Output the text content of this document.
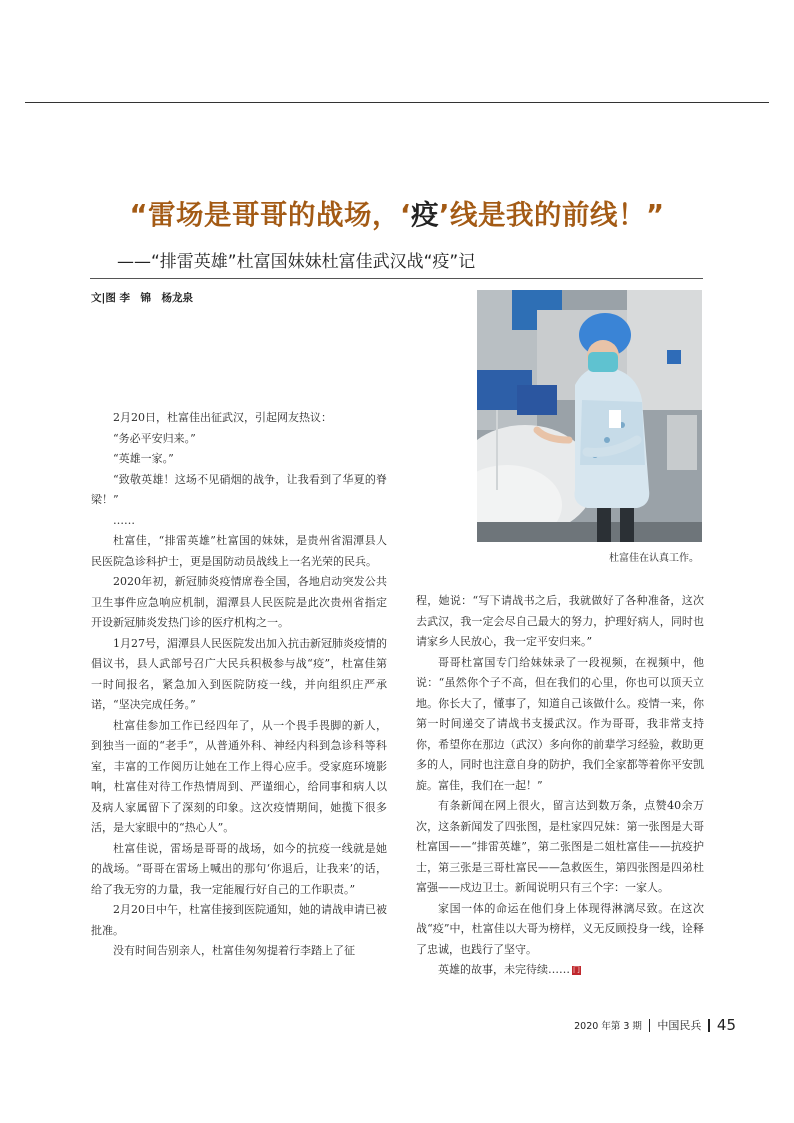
“雷场是哥哥的战场，‘疫’线是我的前线！”
——“排雷英雄”杜富国妹妹杜富佳武汉战“疫”记
文|图 李　锦　杨龙泉
杜富佳在认真工作。

2月20日，杜富佳出征武汉，引起网友热议：

“务必平安归来。”

“英雄一家。”

“致敬英雄！这场不见硝烟的战争，让我看到了华夏的脊梁！”

……

杜富佳，“排雷英雄”杜富国的妹妹，是贵州省湄潭县人民医院急诊科护士，更是国防动员战线上一名光荣的民兵。

2020年初，新冠肺炎疫情席卷全国，各地启动突发公共卫生事件应急响应机制，湄潭县人民医院是此次贵州省指定开设新冠肺炎发热门诊的医疗机构之一。

1月27号，湄潭县人民医院发出加入抗击新冠肺炎疫情的倡议书，县人武部号召广大民兵积极参与战“疫”，杜富佳第一时间报名，紧急加入到医院防疫一线，并向组织庄严承诺，“坚决完成任务。”

杜富佳参加工作已经四年了，从一个畏手畏脚的新人，到独当一面的“老手”，从普通外科、神经内科到急诊科等科室，丰富的工作阅历让她在工作上得心应手。受家庭环境影响，杜富佳对待工作热情周到、严谨细心，给同事和病人以及病人家属留下了深刻的印象。这次疫情期间，她揽下很多活，是大家眼中的“热心人”。

杜富佳说，雷场是哥哥的战场，如今的抗疫一线就是她的战场。“哥哥在雷场上喊出的那句‘你退后，让我来’的话，给了我无穷的力量，我一定能履行好自己的工作职责。”

2月20日中午，杜富佳接到医院通知，她的请战申请已被批准。

没有时间告别亲人，杜富佳匆匆提着行李踏上了征

程，她说：“写下请战书之后，我就做好了各种准备，这次去武汉，我一定会尽自己最大的努力，护理好病人，同时也请家乡人民放心，我一定平安归来。”

哥哥杜富国专门给妹妹录了一段视频，在视频中，他说：“虽然你个子不高，但在我们的心里，你也可以顶天立地。你长大了，懂事了，知道自己该做什么。疫情一来，你第一时间递交了请战书支援武汉。作为哥哥，我非常支持你，希望你在那边（武汉）多向你的前辈学习经验，救助更多的人，同时也注意自身的防护，我们全家都等着你平安凯旋。富佳，我们在一起！”

有条新闻在网上很火，留言达到数万条，点赞40余万次，这条新闻发了四张图，是杜家四兄妹：第一张图是大哥杜富国——“排雷英雄”，第二张图是二姐杜富佳——抗疫护士，第三张是三哥杜富民——急救医生，第四张图是四弟杜富强——戍边卫士。新闻说明只有三个字：一家人。

家国一体的命运在他们身上体现得淋漓尽致。在这次战“疫”中，杜富佳以大哥为榜样，义无反顾投身一线，诠释了忠诚，也践行了坚守。

英雄的故事，未完待续…… 冂

2020 年第 3 期 中国民兵 45
